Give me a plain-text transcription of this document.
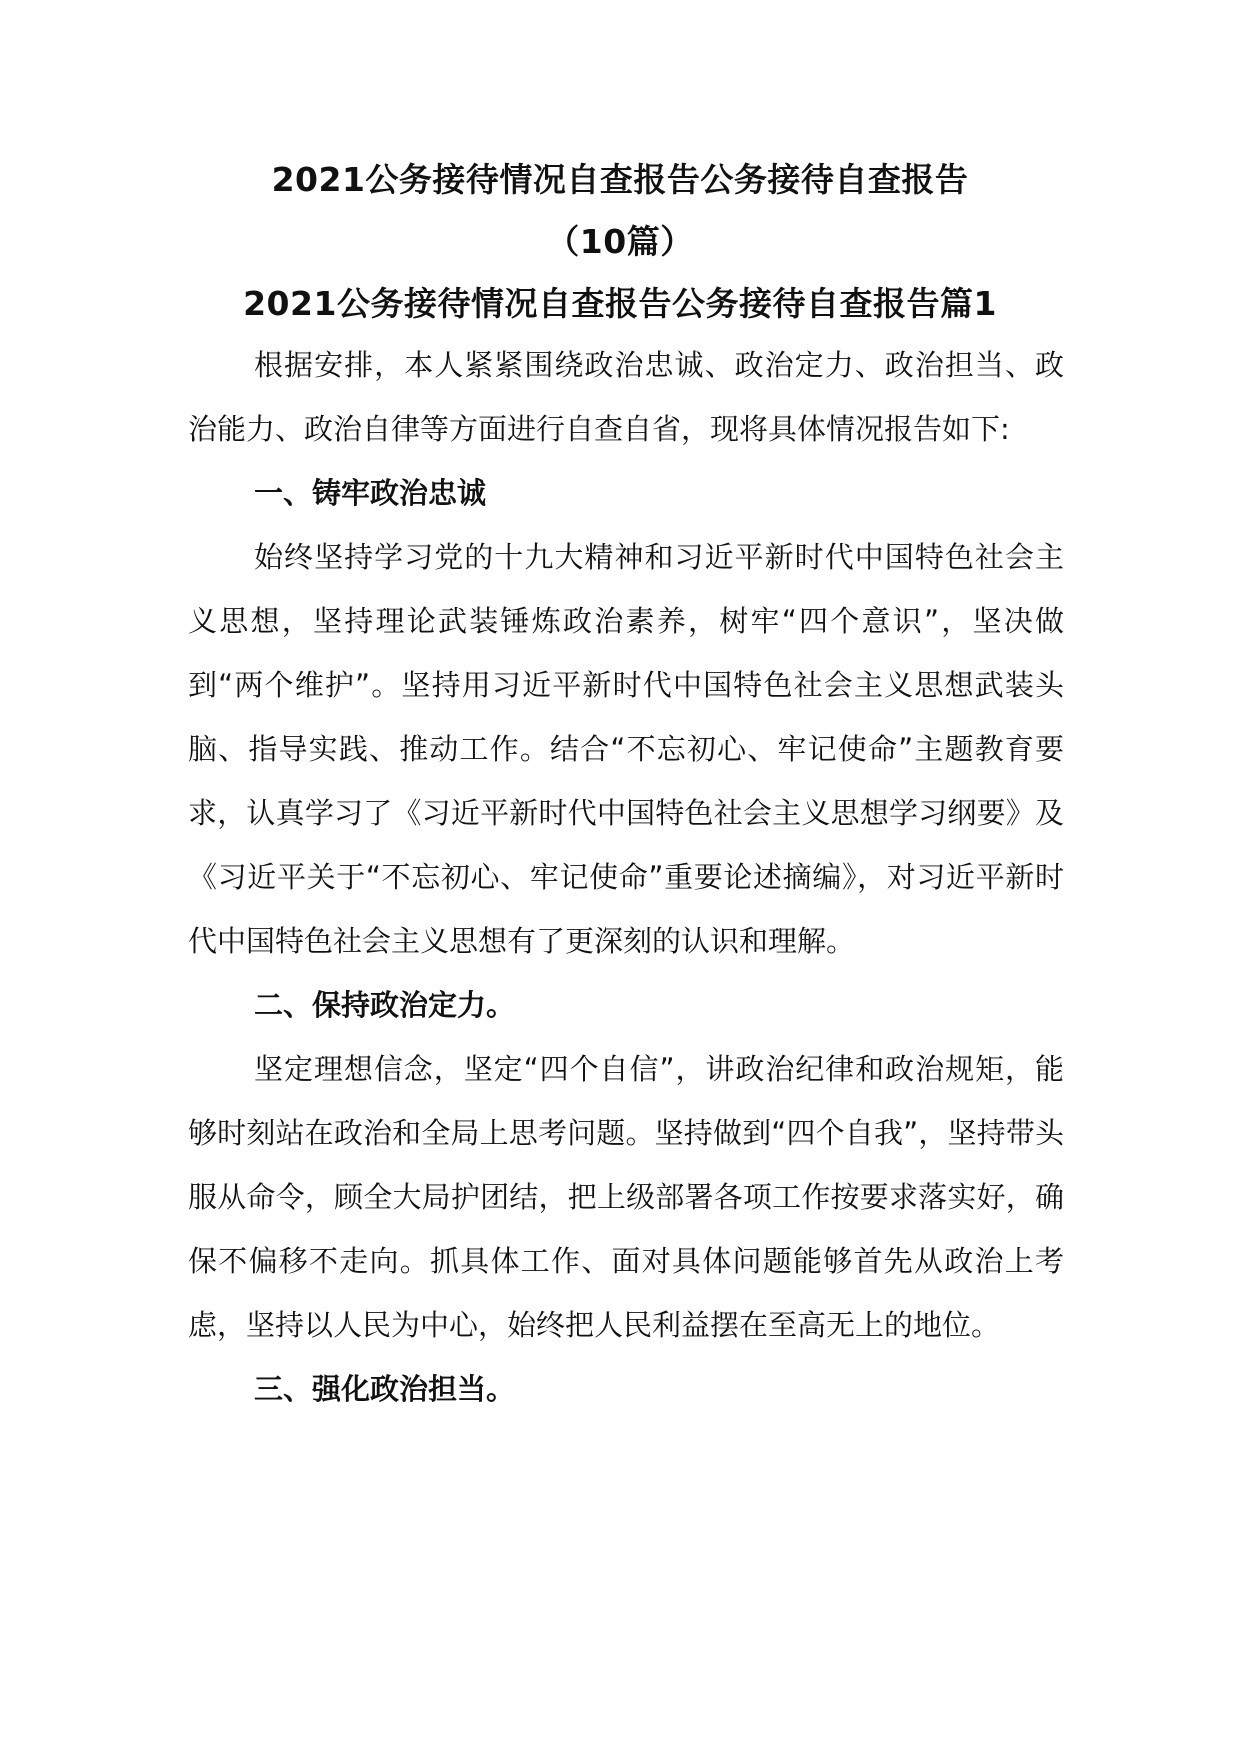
2021公务接待情况自查报告公务接待自查报告
（10篇）
2021公务接待情况自查报告公务接待自查报告篇1

根据安排，本人紧紧围绕政治忠诚、政治定力、政治担当、政治能力、政治自律等方面进行自查自省，现将具体情况报告如下:

一、铸牢政治忠诚

始终坚持学习党的十九大精神和习近平新时代中国特色社会主义思想，坚持理论武装锤炼政治素养，树牢“四个意识”，坚决做到“两个维护”。坚持用习近平新时代中国特色社会主义思想武装头脑、指导实践、推动工作。结合“不忘初心、牢记使命”主题教育要求，认真学习了《习近平新时代中国特色社会主义思想学习纲要》及《习近平关于“不忘初心、牢记使命”重要论述摘编》，对习近平新时代中国特色社会主义思想有了更深刻的认识和理解。

二、保持政治定力。

坚定理想信念，坚定“四个自信”，讲政治纪律和政治规矩，能够时刻站在政治和全局上思考问题。坚持做到“四个自我”，坚持带头服从命令，顾全大局护团结，把上级部署各项工作按要求落实好，确保不偏移不走向。抓具体工作、面对具体问题能够首先从政治上考虑，坚持以人民为中心，始终把人民利益摆在至高无上的地位。

三、强化政治担当。
